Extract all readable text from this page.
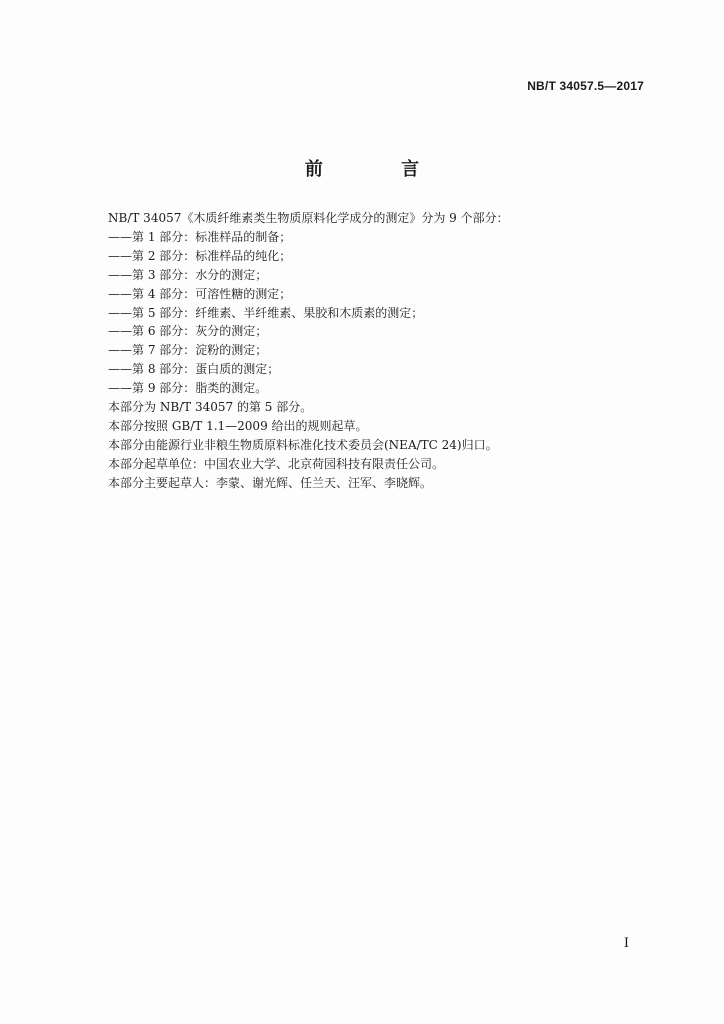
NB/T 34057.5—2017
前 言
NB/T 34057《木质纤维素类生物质原料化学成分的测定》分为 9 个部分：
——第 1 部分：标准样品的制备；
——第 2 部分：标准样品的纯化；
——第 3 部分：水分的测定；
——第 4 部分：可溶性糖的测定；
——第 5 部分：纤维素、半纤维素、果胶和木质素的测定；
——第 6 部分：灰分的测定；
——第 7 部分：淀粉的测定；
——第 8 部分：蛋白质的测定；
——第 9 部分：脂类的测定。
本部分为 NB/T 34057 的第 5 部分。
本部分按照 GB/T 1.1—2009 给出的规则起草。
本部分由能源行业非粮生物质原料标准化技术委员会(NEA/TC 24)归口。
本部分起草单位：中国农业大学、北京荷园科技有限责任公司。
本部分主要起草人：李蒙、谢光辉、任兰天、汪军、李晓辉。
I
